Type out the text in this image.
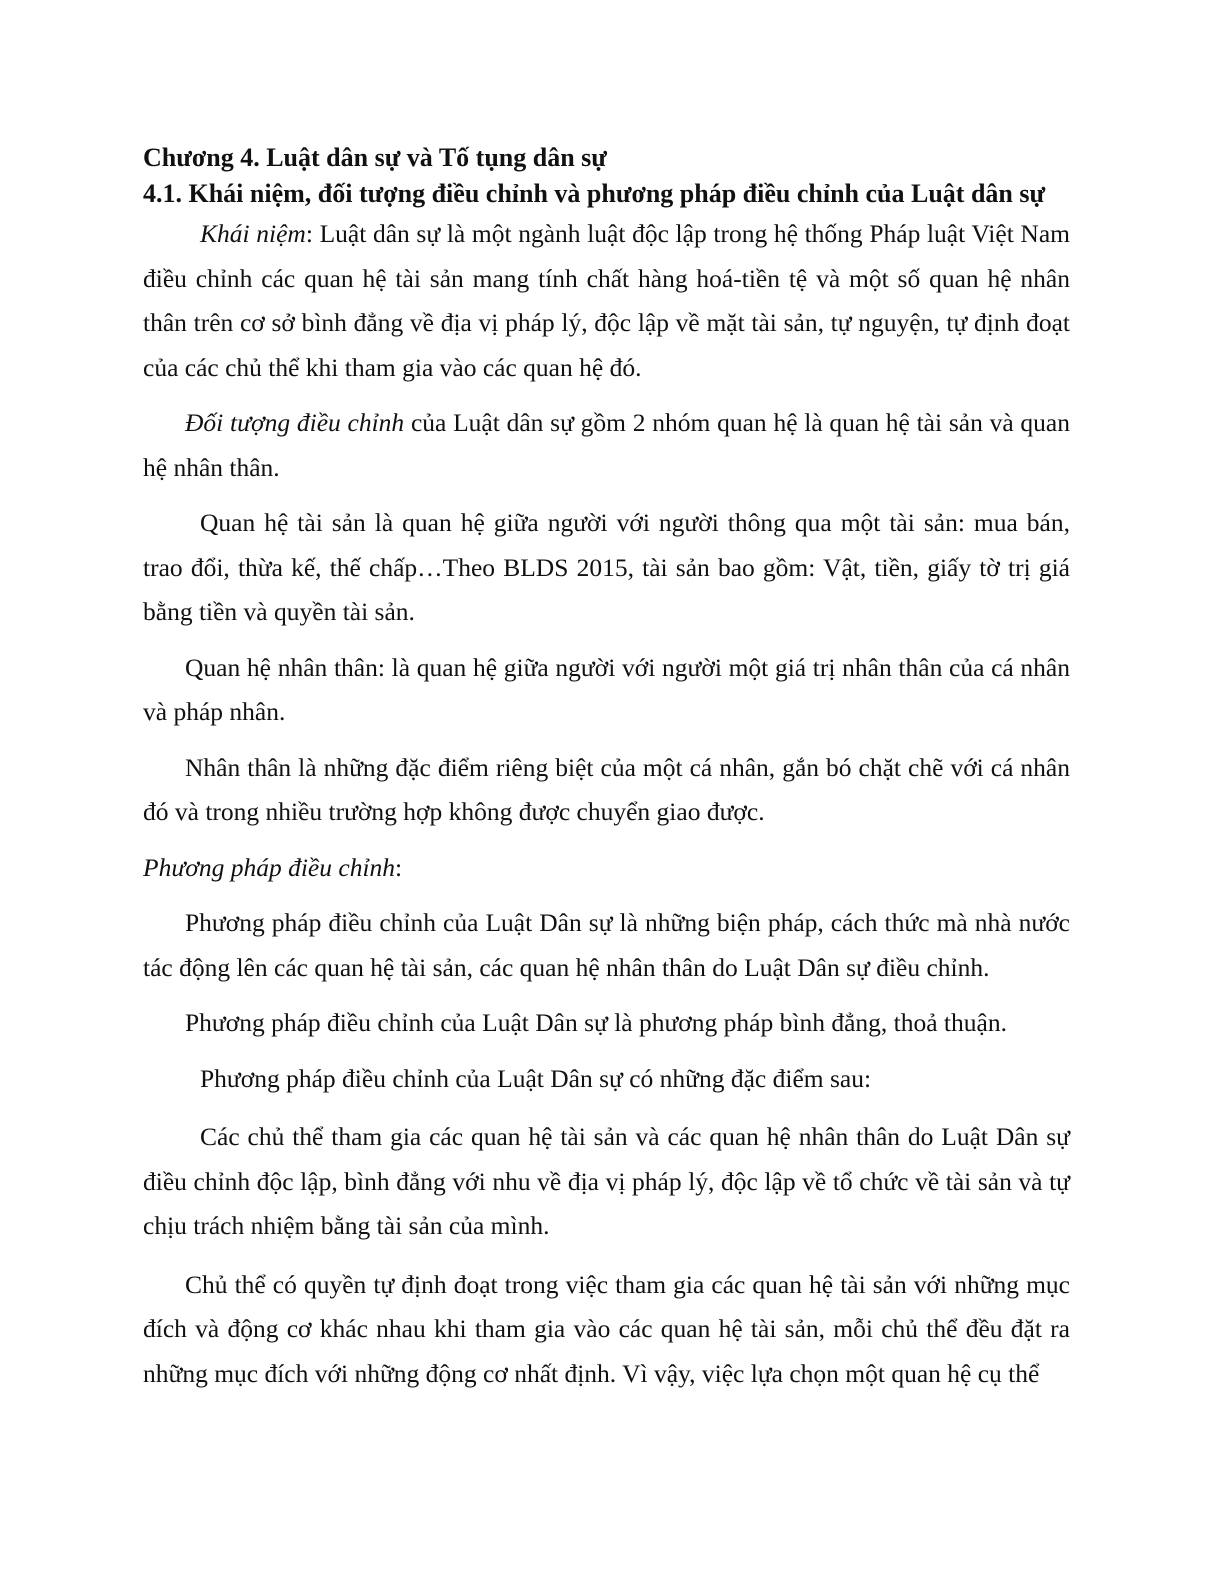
Chương 4. Luật dân sự và Tố tụng dân sự
4.1. Khái niệm, đối tượng điều chỉnh và phương pháp điều chỉnh của Luật dân sự

Khái niệm: Luật dân sự là một ngành luật độc lập trong hệ thống Pháp luật Việt Nam điều chỉnh các quan hệ tài sản mang tính chất hàng hoá-tiền tệ và một số quan hệ nhân thân trên cơ sở bình đẳng về địa vị pháp lý, độc lập về mặt tài sản, tự nguyện, tự định đoạt của các chủ thể khi tham gia vào các quan hệ đó.

Đối tượng điều chỉnh của Luật dân sự gồm 2 nhóm quan hệ là quan hệ tài sản và quan hệ nhân thân.

Quan hệ tài sản là quan hệ giữa người với người thông qua một tài sản: mua bán, trao đổi, thừa kế, thế chấp…Theo BLDS 2015, tài sản bao gồm: Vật, tiền, giấy tờ trị giá bằng tiền và quyền tài sản.

Quan hệ nhân thân: là quan hệ giữa người với người một giá trị nhân thân của cá nhân và pháp nhân.

Nhân thân là những đặc điểm riêng biệt của một cá nhân, gắn bó chặt chẽ với cá nhân đó và trong nhiều trường hợp không được chuyển giao được.

Phương pháp điều chỉnh:

Phương pháp điều chỉnh của Luật Dân sự là những biện pháp, cách thức mà nhà nước tác động lên các quan hệ tài sản, các quan hệ nhân thân do Luật Dân sự điều chỉnh.

Phương pháp điều chỉnh của Luật Dân sự là phương pháp bình đẳng, thoả thuận.

Phương pháp điều chỉnh của Luật Dân sự có những đặc điểm sau:

Các chủ thể tham gia các quan hệ tài sản và các quan hệ nhân thân do Luật Dân sự điều chỉnh độc lập, bình đẳng với nhu về địa vị pháp lý, độc lập về tổ chức về tài sản và tự chịu trách nhiệm bằng tài sản của mình.

Chủ thể có quyền tự định đoạt trong việc tham gia các quan hệ tài sản với những mục đích và động cơ khác nhau khi tham gia vào các quan hệ tài sản, mỗi chủ thể đều đặt ra những mục đích với những động cơ nhất định. Vì vậy, việc lựa chọn một quan hệ cụ thể
